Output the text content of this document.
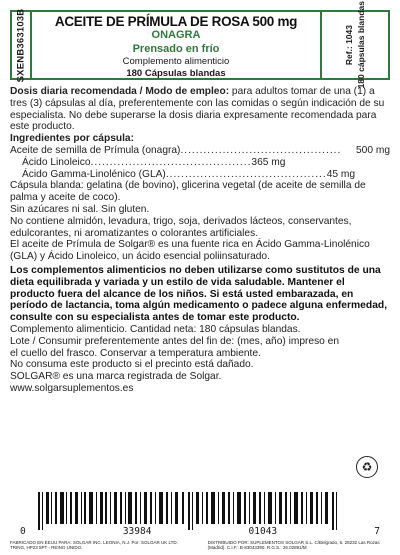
SXENB363103B	ACEITE DE PRÍMULA DE ROSA 500 mg
ONAGRA
Prensado en frío
Complemento alimenticio
180 Cápsulas blandas
Ref.: 1043 180 cápsulas blandas

Dosis diaria recomendada / Modo de empleo: para adultos tomar de una (1) a tres (3) cápsulas al día, preferentemente con las comidas o según indicación de su especialista. No debe superarse la dosis diaria expresamente recomendada para este producto.

Ingredientes por cápsula:

Aceite de semilla de Prímula (onagra) ..........................................	500 mg
Ácido Linoleico .......................................... 365 mg
Ácido Gamma-Linolénico (GLA) .......................................... 45 mg

Cápsula blanda: gelatina (de bovino), glicerina vegetal (de aceite de semilla de palma y aceite de coco).

Sin azúcares ni sal. Sin gluten.

No contiene almidón, levadura, trigo, soja, derivados lácteos, conservantes, edulcorantes, ni aromatizantes o colorantes artificiales.

El aceite de Prímula de Solgar® es una fuente rica en Ácido Gamma-Linolénico (GLA) y Ácido Linoleico, un ácido esencial poliinsaturado.

Los complementos alimenticios no deben utilizarse como sustitutos de una dieta equilibrada y variada y un estilo de vida saludable. Mantener el producto fuera del alcance de los niños. Si está usted embarazada, en período de lactancia, toma algún medicamento o padece alguna enfermedad, consulte con su especialista antes de tomar este producto.

Complemento alimenticio. Cantidad neta: 180 cápsulas blandas.

Lote / Consumir preferentemente antes del fin de: (mes, año) impreso en el cuello del frasco. Conservar a temperatura ambiente.

No consuma este producto si el precinto está dañado.

SOLGAR® es una marca registrada de Solgar.

www.solgarsuplementos.es

♻
0	33984	01043	7
FABRICADO EN EEUU PARA: SOLGAR INC. LEONIA, N.J. Por: SOLGAR UK LTD. TRING, HP23 5PT - REINO UNIDO.
DISTRIBUIDO POR: SUPLEMENTOS SOLGAR S.L. C/Belgrado, 6. 28232 Las Rozas (Madrid). C.I.F.: B-83043390. R.G.S.: 26.02891/M
